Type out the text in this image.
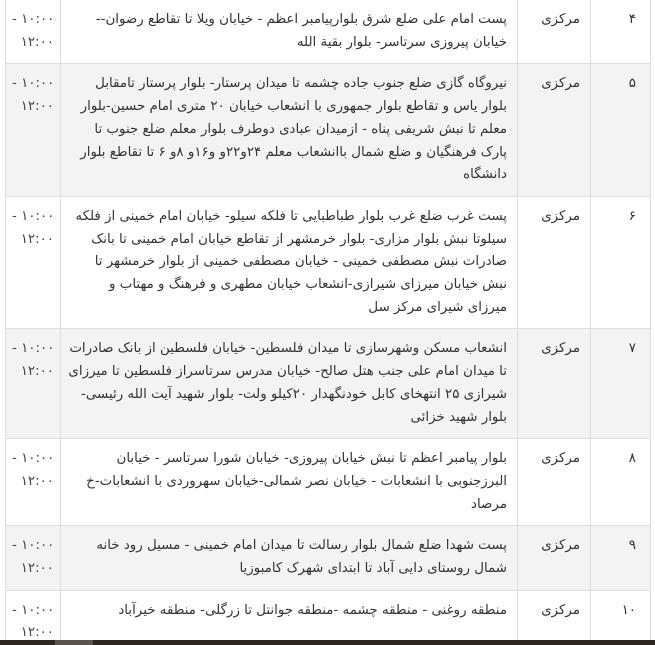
۴	مرکزی	پست امام علی ضلع شرق بلوارپیامبر اعظم - خیابان ویلا تا تقاطع رضوان-- خیابان پیروزی سرتاسر- بلوار بقیة الله	- ۱۰:۰۰
۱۲:۰۰

۵	مرکزی	نیروگاه گازی ضلع جنوب جاده چشمه تا میدان پرستار- بلوار پرستار تامقابل بلوار یاس و تقاطع بلوار جمهوری با انشعاب خیابان ۲۰ متری امام حسین-بلوار معلم تا نبش شریفی پناه - ازمیدان عبادی دوطرف بلوار معلم ضلع جنوب تا پارک فرهنگیان و ضلع شمال باانشعاب معلم ۲۴و۲۲و و۱۶و ۸و ۶ تا تقاطع بلوار دانشگاه	- ۱۰:۰۰
۱۲:۰۰

۶	مرکزی	پست غرب ضلع غرب بلوار طباطبایی تا فلکه سیلو- خیابان امام خمینی از فلکه سیلوتا نبش بلوار مزاری- بلوار خرمشهر از تقاطع خیابان امام خمینی تا بانک صادرات نبش مصطفی خمینی - خیابان مصطفی خمینی از بلوار خرمشهر تا نبش خیابان میرزای شیرازی-انشعاب خیابان مطهری و فرهنگ و مهتاب و میرزای شیرای مرکز سل	- ۱۰:۰۰
۱۲:۰۰

۷	مرکزی	انشعاب مسکن وشهرسازی تا میدان فلسطین- خیابان فلسطین از بانک صادرات تا میدان امام علی جنب هتل صالح- خیابان مدرس سرتاسراز فلسطین تا میرزای شیرازی ۲۵ انتهخای کابل خودنگهدار ۲۰کیلو ولت- بلوار شهید آیت الله رئیسی- بلوار شهید خزائی	- ۱۰:۰۰
۱۲:۰۰

۸	مرکزی	بلوار پیامبر اعظم تا نبش خیابان پیروزی- خیابان شورا سرتاسر - خیابان البرزجنوبی با انشعابات - خیابان نصر شمالی-خیابان سهروردی با انشعابات-خ مرصاد	- ۱۰:۰۰
۱۲:۰۰

۹	مرکزی	پست شهدا ضلع شمال بلوار رسالت تا میدان امام خمینی - مسیل رود خانه شمال روستای دایی آباد تا ابتدای شهرک کامبوزیا	- ۱۰:۰۰
۱۲:۰۰

۱۰	مرکزی	منطقه روغنی - منطقه چشمه -منطقه جوانتل تا زرگلی- منطقه خیرآباد	- ۱۰:۰۰
۱۲:۰۰
